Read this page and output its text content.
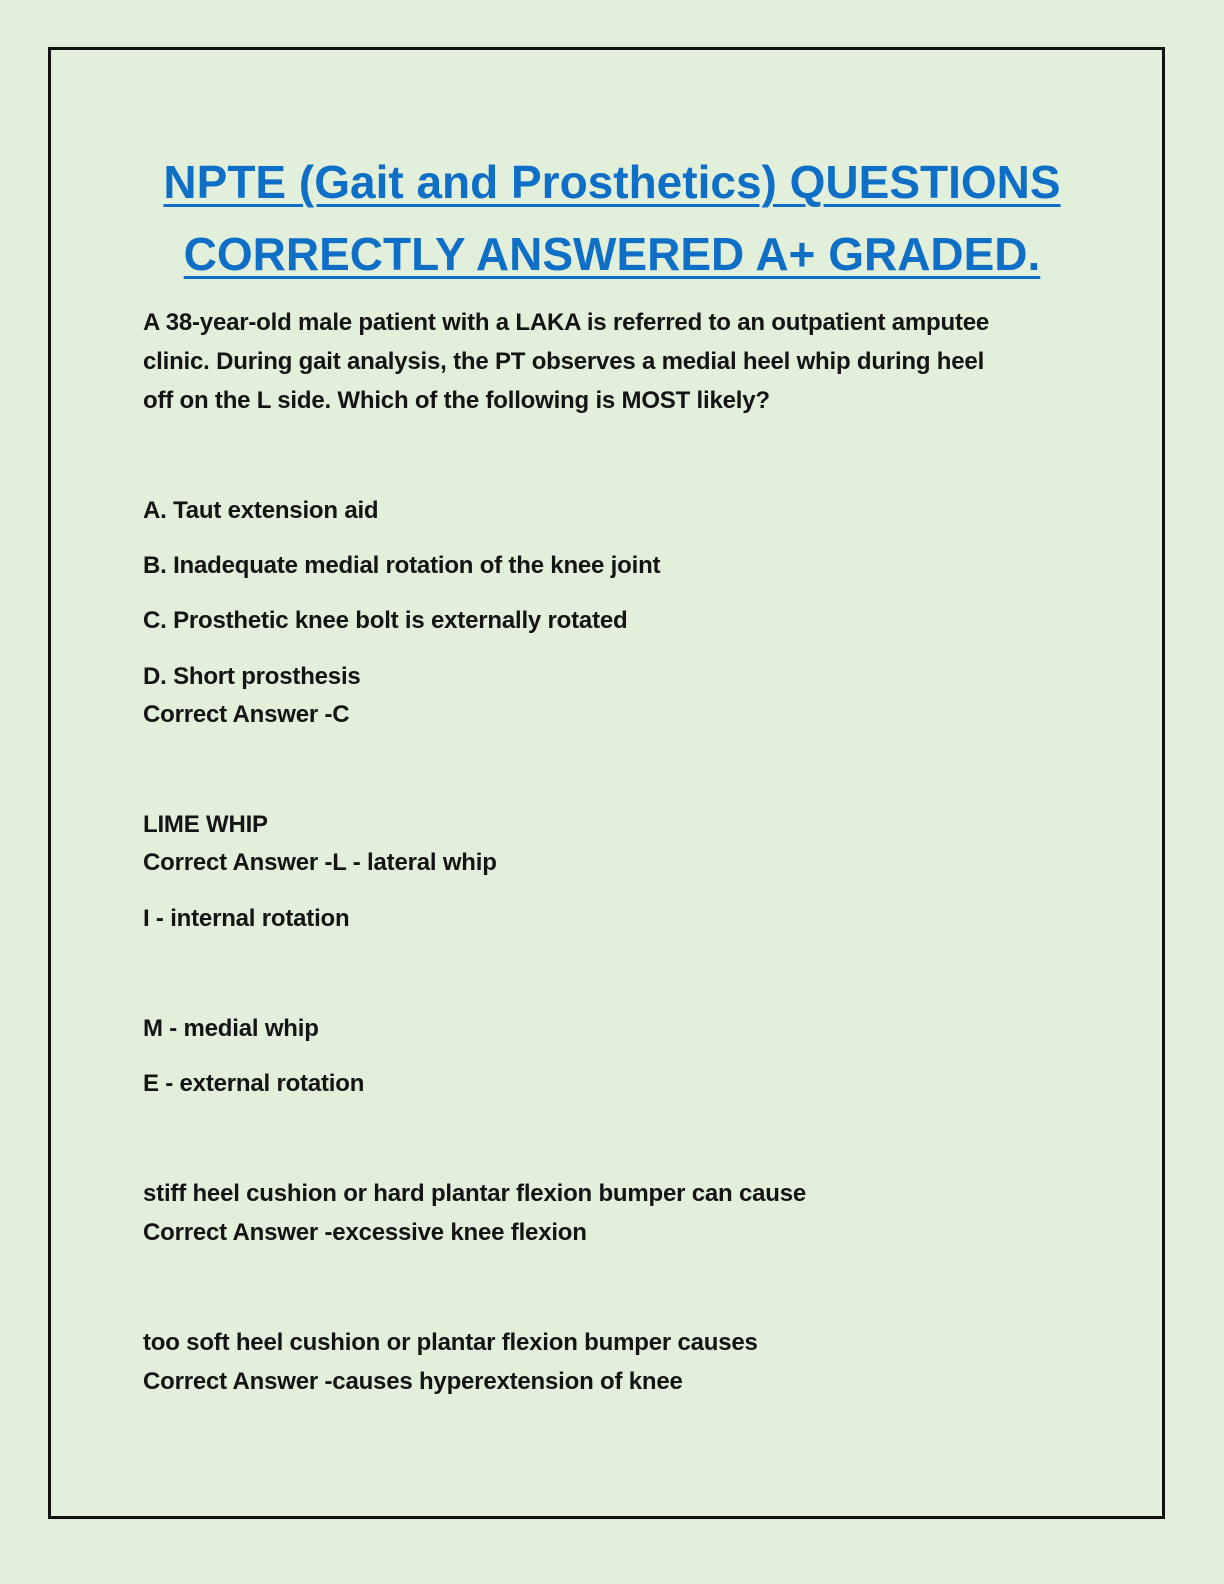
NPTE (Gait and Prosthetics) QUESTIONS
CORRECTLY ANSWERED A+ GRADED.

A 38-year-old male patient with a LAKA is referred to an outpatient amputee

clinic. During gait analysis, the PT observes a medial heel whip during heel

off on the L side. Which of the following is MOST likely?

A. Taut extension aid

B. Inadequate medial rotation of the knee joint

C. Prosthetic knee bolt is externally rotated

D. Short prosthesis

Correct Answer -C

LIME WHIP

Correct Answer -L - lateral whip

I - internal rotation

M - medial whip

E - external rotation

stiff heel cushion or hard plantar flexion bumper can cause

Correct Answer -excessive knee flexion

too soft heel cushion or plantar flexion bumper causes

Correct Answer -causes hyperextension of knee
